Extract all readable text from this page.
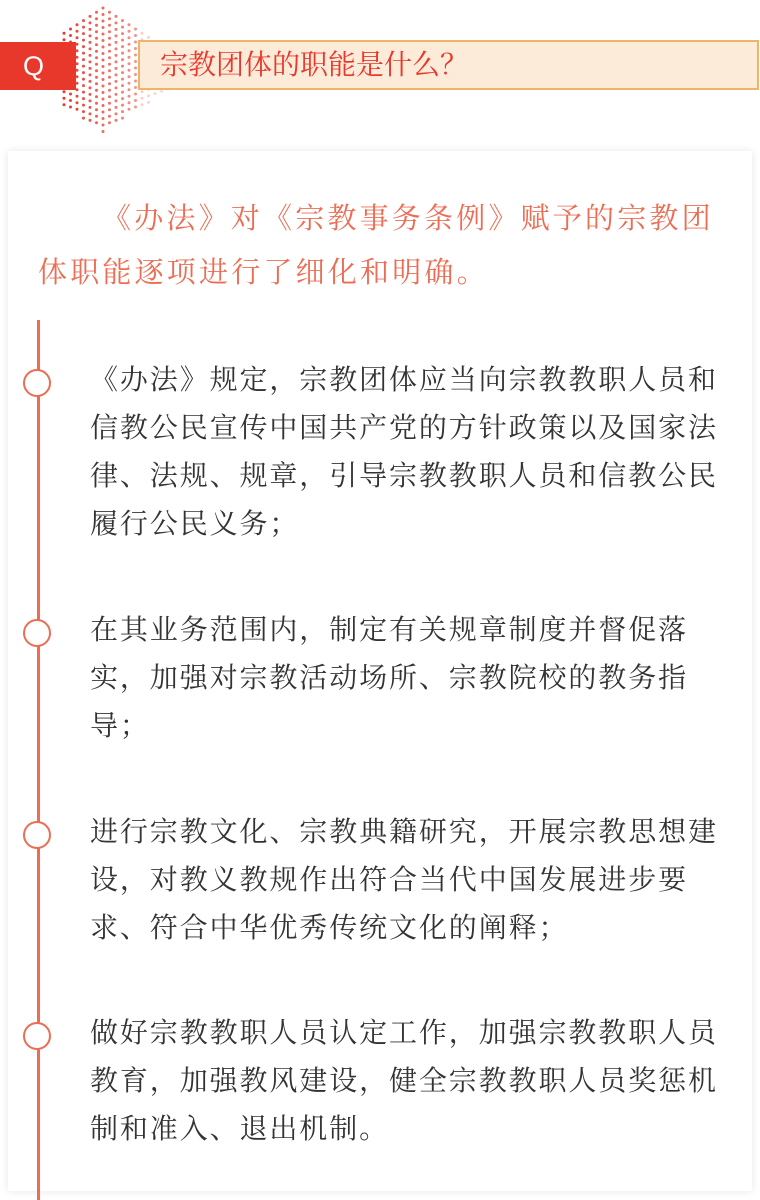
Q	宗教团体的职能是什么？

《办法》对《宗教事务条例》赋予的宗教团体职能逐项进行了细化和明确。

《办法》规定，宗教团体应当向宗教教职人员和信教公民宣传中国共产党的方针政策以及国家法律、法规、规章，引导宗教教职人员和信教公民履行公民义务；

在其业务范围内，制定有关规章制度并督促落实，加强对宗教活动场所、宗教院校的教务指导；

进行宗教文化、宗教典籍研究，开展宗教思想建设，对教义教规作出符合当代中国发展进步要求、符合中华优秀传统文化的阐释；

做好宗教教职人员认定工作，加强宗教教职人员教育，加强教风建设，健全宗教教职人员奖惩机制和准入、退出机制。
